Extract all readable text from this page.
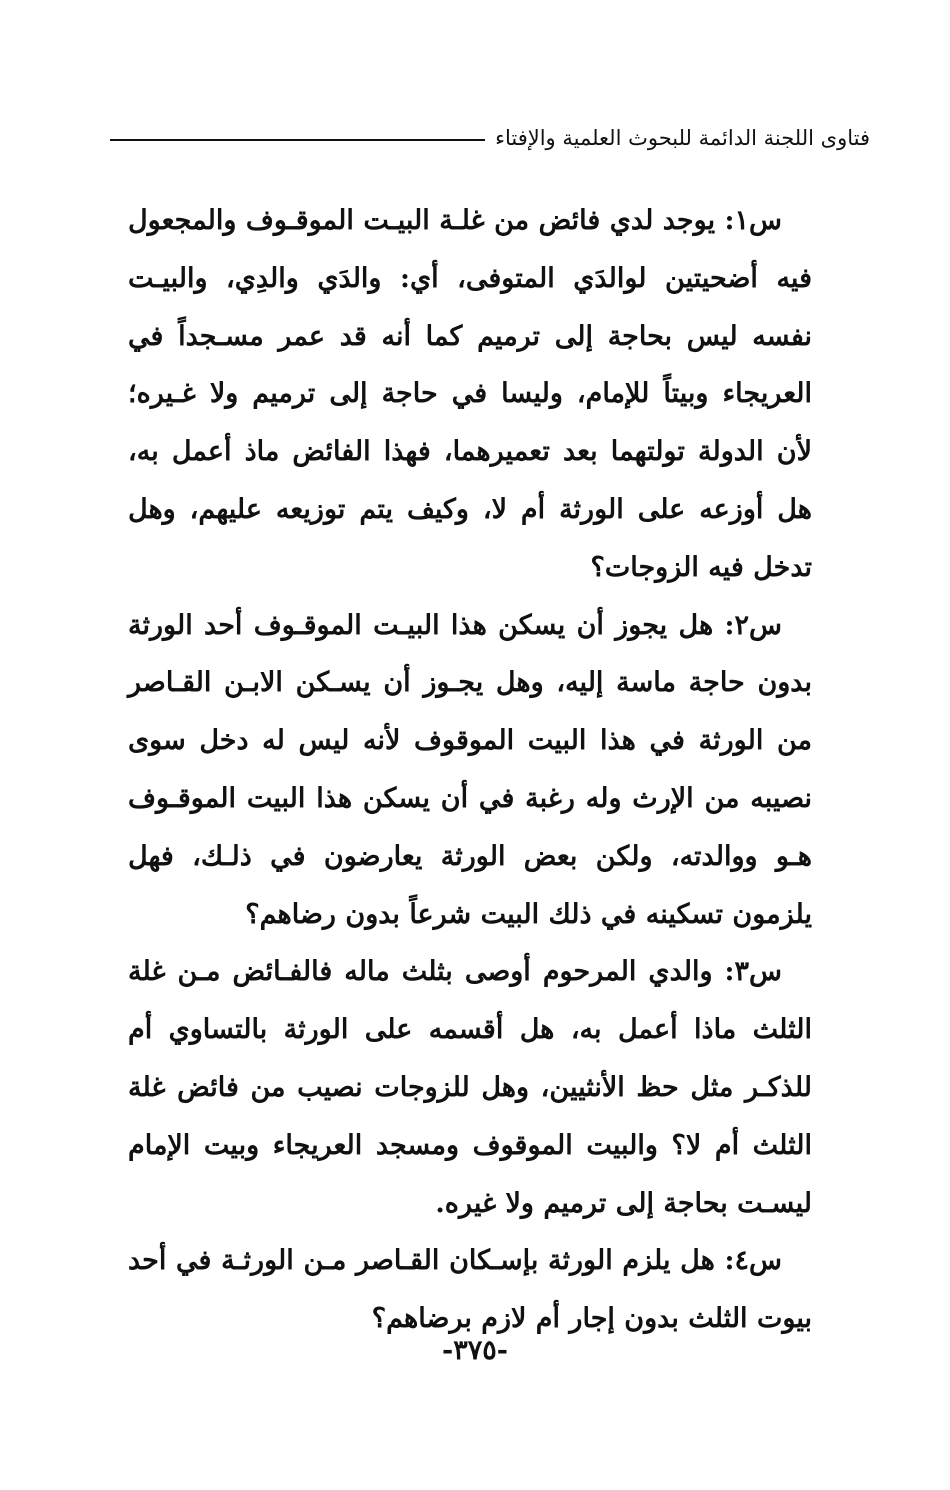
فتاوى اللجنة الدائمة للبحوث العلمية والإفتاء

س١: يوجد لدي فائض من غلـة البيـت الموقـوف والمجعول فيه أضحيتين لوالدَي المتوفى، أي: والدَي والدِي، والبيـت نفسه ليس بحاجة إلى ترميم كما أنه قد عمر مسـجداً في العريجاء وبيتاً للإمام، وليسا في حاجة إلى ترميم ولا غـيره؛ لأن الدولة تولتهما بعد تعميرهما، فهذا الفائض ماذ أعمل به، هل أوزعه على الورثة أم لا، وكيف يتم توزيعه عليهم، وهل تدخل فيه الزوجات؟

س٢: هل يجوز أن يسكن هذا البيـت الموقـوف أحد الورثة بدون حاجة ماسة إليه، وهل يجـوز أن يسـكن الابـن القـاصر من الورثة في هذا البيت الموقوف لأنه ليس له دخل سوى نصيبه من الإرث وله رغبة في أن يسكن هذا البيت الموقـوف هـو ووالدته، ولكن بعض الورثة يعارضون في ذلـك، فهل يلزمون تسكينه في ذلك البيت شرعاً بدون رضاهم؟

س٣: والدي المرحوم أوصى بثلث ماله فالفـائض مـن غلة الثلث ماذا أعمل به، هل أقسمه على الورثة بالتساوي أم للذكـر مثل حظ الأنثيين، وهل للزوجات نصيب من فائض غلة الثلث أم لا؟ والبيت الموقوف ومسجد العريجاء وبيت الإمام ليسـت بحاجة إلى ترميم ولا غيره.

س٤: هل يلزم الورثة بإسـكان القـاصر مـن الورثـة في أحد بيوت الثلث بدون إجار أم لازم برضاهم؟

-٣٧٥-
